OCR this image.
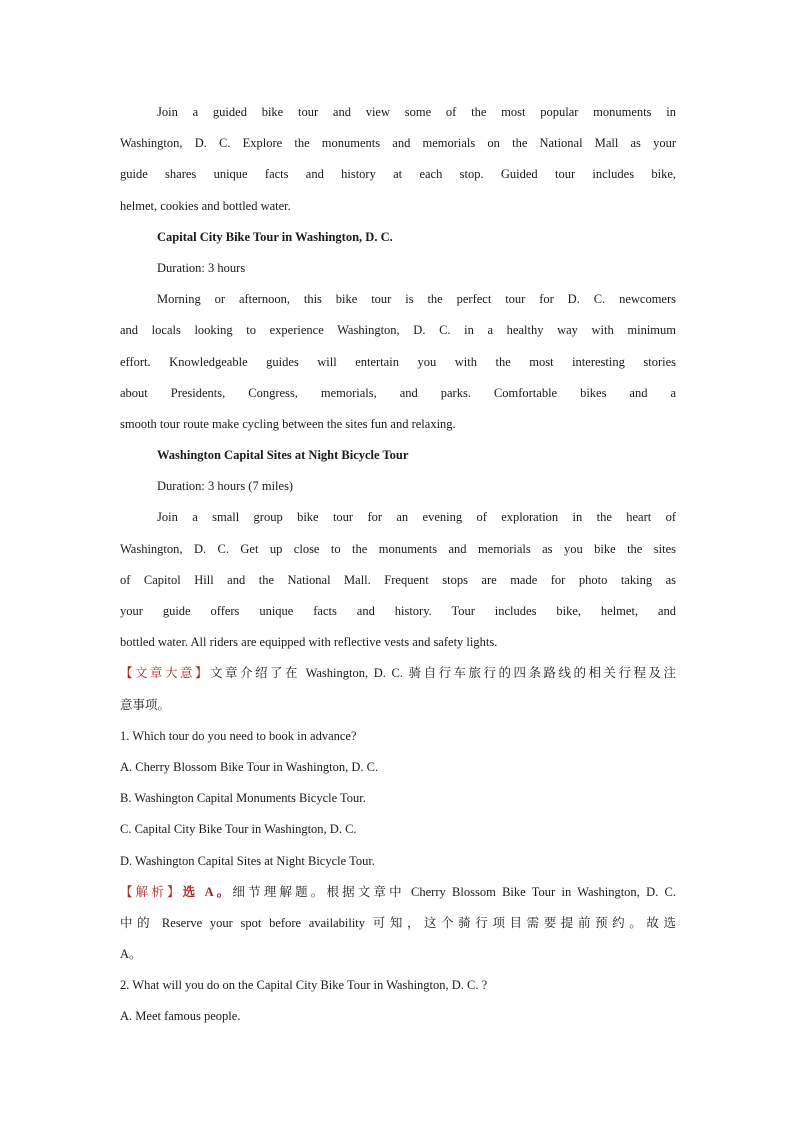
Join a guided bike tour and view some of the most popular monuments in
Washington, D. C. Explore the monuments and memorials on the National Mall as your
guide shares unique facts and history at each stop. Guided tour includes bike,
helmet, cookies and bottled water.
Capital City Bike Tour in Washington, D. C.
Duration: 3 hours
Morning or afternoon, this bike tour is the perfect tour for D. C. newcomers
and locals looking to experience Washington, D. C. in a healthy way with minimum
effort. Knowledgeable guides will entertain you with the most interesting stories
about Presidents, Congress, memorials, and parks. Comfortable bikes and a
smooth tour route make cycling between the sites fun and relaxing.
Washington Capital Sites at Night Bicycle Tour
Duration: 3 hours (7 miles)
Join a small group bike tour for an evening of exploration in the heart of
Washington, D. C. Get up close to the monuments and memorials as you bike the sites
of Capitol Hill and the National Mall. Frequent stops are made for photo taking as
your guide offers unique facts and history. Tour includes bike, helmet, and
bottled water. All riders are equipped with reflective vests and safety lights.
【文章大意】文章介绍了在 Washington, D. C. 骑自行车旅行的四条路线的相关行程及注
意事项。
1. Which tour do you need to book in advance?
A. Cherry Blossom Bike Tour in Washington, D. C.
B. Washington Capital Monuments Bicycle Tour.
C. Capital City Bike Tour in Washington, D. C.
D. Washington Capital Sites at Night Bicycle Tour.
【解析】选 A。细节理解题。根据文章中 Cherry Blossom Bike Tour in Washington, D. C.
中的 Reserve your spot before availability 可知，这个骑行项目需要提前预约。故选
A。
2. What will you do on the Capital City Bike Tour in Washington, D. C. ?
A. Meet famous people.
